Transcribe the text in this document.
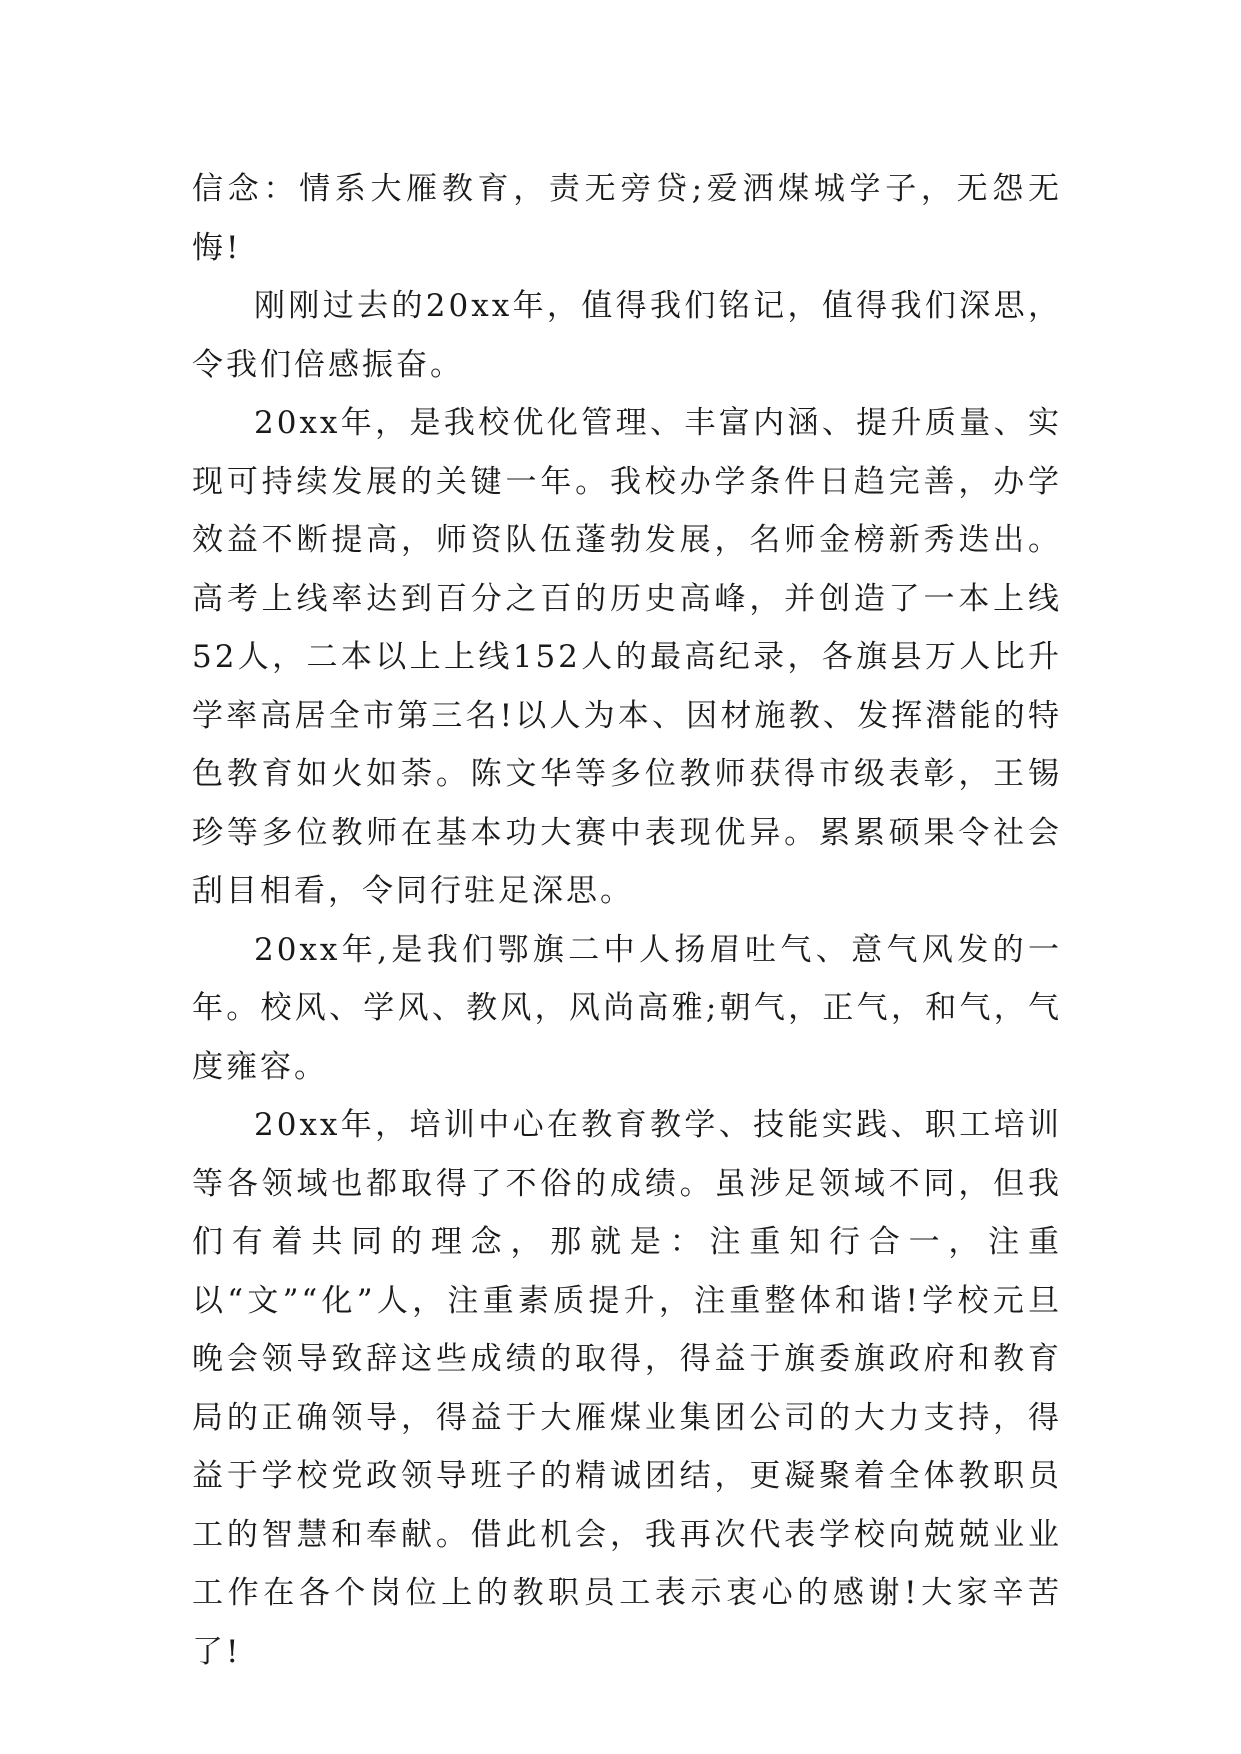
信念：情系大雁教育，责无旁贷;爱洒煤城学子，无怨无悔!

刚刚过去的20xx年，值得我们铭记，值得我们深思，令我们倍感振奋。

20xx年，是我校优化管理、丰富内涵、提升质量、实现可持续发展的关键一年。我校办学条件日趋完善，办学效益不断提高，师资队伍蓬勃发展，名师金榜新秀迭出。高考上线率达到百分之百的历史高峰，并创造了一本上线52人，二本以上上线152人的最高纪录，各旗县万人比升学率高居全市第三名!以人为本、因材施教、发挥潜能的特色教育如火如荼。陈文华等多位教师获得市级表彰，王锡珍等多位教师在基本功大赛中表现优异。累累硕果令社会刮目相看，令同行驻足深思。

20xx年,是我们鄂旗二中人扬眉吐气、意气风发的一年。校风、学风、教风，风尚高雅;朝气，正气，和气，气度雍容。

20xx年，培训中心在教育教学、技能实践、职工培训等各领域也都取得了不俗的成绩。虽涉足领域不同，但我们有着共同的理念，那就是：注重知行合一，注重以“文”“化”人，注重素质提升，注重整体和谐!学校元旦晚会领导致辞这些成绩的取得，得益于旗委旗政府和教育局的正确领导，得益于大雁煤业集团公司的大力支持，得益于学校党政领导班子的精诚团结，更凝聚着全体教职员工的智慧和奉献。借此机会，我再次代表学校向兢兢业业工作在各个岗位上的教职员工表示衷心的感谢!大家辛苦了!
